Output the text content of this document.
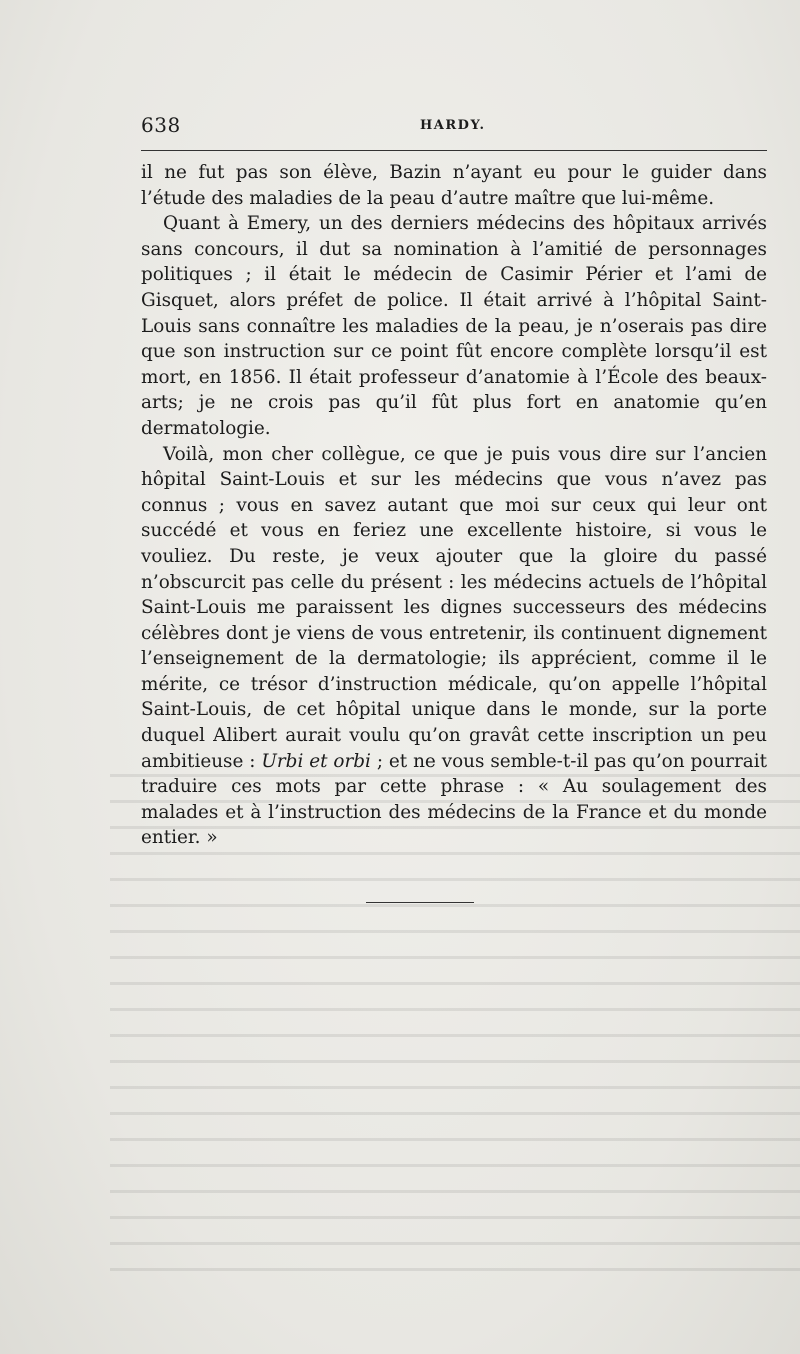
638	HARDY.

il ne fut pas son élève, Bazin n’ayant eu pour le guider dans l’étude des maladies de la peau d’autre maître que lui-même.

Quant à Emery, un des derniers médecins des hôpitaux arrivés sans concours, il dut sa nomination à l’amitié de personnages politiques ; il était le médecin de Casimir Périer et l’ami de Gisquet, alors préfet de police. Il était arrivé à l’hôpital Saint-Louis sans connaître les maladies de la peau, je n’oserais pas dire que son instruction sur ce point fût encore complète lorsqu’il est mort, en 1856. Il était professeur d’anatomie à l’École des beaux-arts; je ne crois pas qu’il fût plus fort en anatomie qu’en dermatologie.

Voilà, mon cher collègue, ce que je puis vous dire sur l’ancien hôpital Saint-Louis et sur les médecins que vous n’avez pas connus ; vous en savez autant que moi sur ceux qui leur ont succédé et vous en feriez une excellente histoire, si vous le vouliez. Du reste, je veux ajouter que la gloire du passé n’obscurcit pas celle du présent : les médecins actuels de l’hôpital Saint-Louis me paraissent les dignes successeurs des médecins célèbres dont je viens de vous entretenir, ils continuent dignement l’enseignement de la dermatologie; ils apprécient, comme il le mérite, ce trésor d’instruction médicale, qu’on appelle l’hôpital Saint-Louis, de cet hôpital unique dans le monde, sur la porte duquel Alibert aurait voulu qu’on gravât cette inscription un peu ambitieuse : Urbi et orbi ; et ne vous semble-t-il pas qu’on pourrait traduire ces mots par cette phrase : « Au soulagement des malades et à l’instruction des médecins de la France et du monde entier. »
